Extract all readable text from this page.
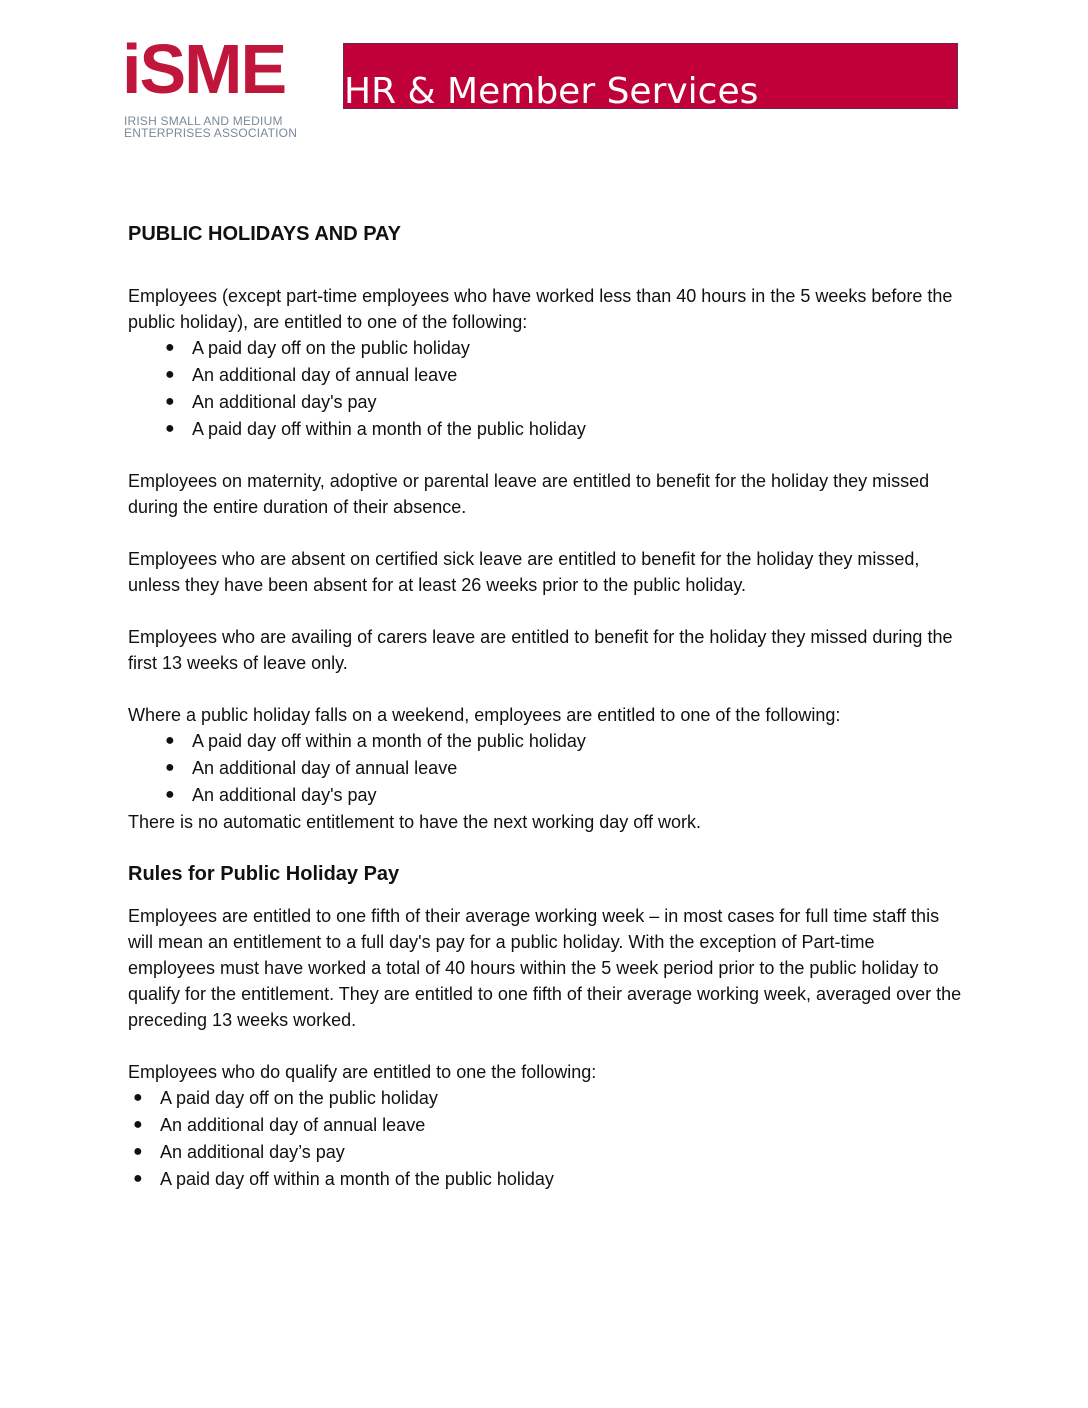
iSME
IRISH SMALL AND MEDIUM ENTERPRISES ASSOCIATION
HR & Member Services
PUBLIC HOLIDAYS AND PAY

Employees (except part-time employees who have worked less than 40 hours in the 5 weeks before the public holiday), are entitled to one of the following:

● A paid day off on the public holiday
● An additional day of annual leave
● An additional day's pay
● A paid day off within a month of the public holiday

Employees on maternity, adoptive or parental leave are entitled to benefit for the holiday they missed during the entire duration of their absence.

Employees who are absent on certified sick leave are entitled to benefit for the holiday they missed, unless they have been absent for at least 26 weeks prior to the public holiday.

Employees who are availing of carers leave are entitled to benefit for the holiday they missed during the first 13 weeks of leave only.

Where a public holiday falls on a weekend, employees are entitled to one of the following:

● A paid day off within a month of the public holiday
● An additional day of annual leave
● An additional day's pay

There is no automatic entitlement to have the next working day off work.

Rules for Public Holiday Pay

Employees are entitled to one fifth of their average working week – in most cases for full time staff this will mean an entitlement to a full day's pay for a public holiday. With the exception of Part-time employees must have worked a total of 40 hours within the 5 week period prior to the public holiday to qualify for the entitlement. They are entitled to one fifth of their average working week, averaged over the preceding 13 weeks worked.

Employees who do qualify are entitled to one the following:

● A paid day off on the public holiday
● An additional day of annual leave
● An additional day’s pay
● A paid day off within a month of the public holiday
